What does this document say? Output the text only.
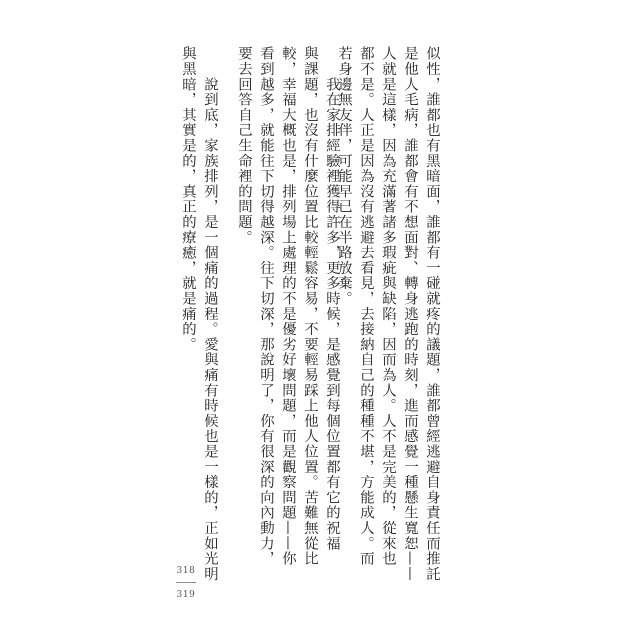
似性，誰都也有黑暗面，誰都有一碰就疼的議題，誰都曾經逃避自身責任而推託

是他人毛病，誰都會有不想面對、轉身逃跑的時刻，進而感覺一種懸生寬恕——

人就是這樣，因為充滿著諸多瑕疵與缺陷，因而為人。人不是完美的，從來也

都不是。人正是因為沒有逃避去看見，去接納自己的種種不堪，方能成人。而

若身邊無友伴，可能早已在半路放棄。

　　我在家排經驗裡獲得許多，更多時候，是感覺到每個位置都有它的祝福

與課題，也沒有什麼位置比較輕鬆容易，不要輕易踩上他人位置。苦難無從比

較，幸福大概也是，排列場上處理的不是優劣好壞問題，而是觀察問題——你

看到越多，就能往下切得越深。往下切深，那說明了，你有很深的向內動力，

要去回答自己生命裡的問題。

　　說到底，家族排列，是一個痛的過程。愛與痛有時候也是一樣的，正如光明

與黑暗，其實是的，真正的療癒，就是痛的。

318
319
